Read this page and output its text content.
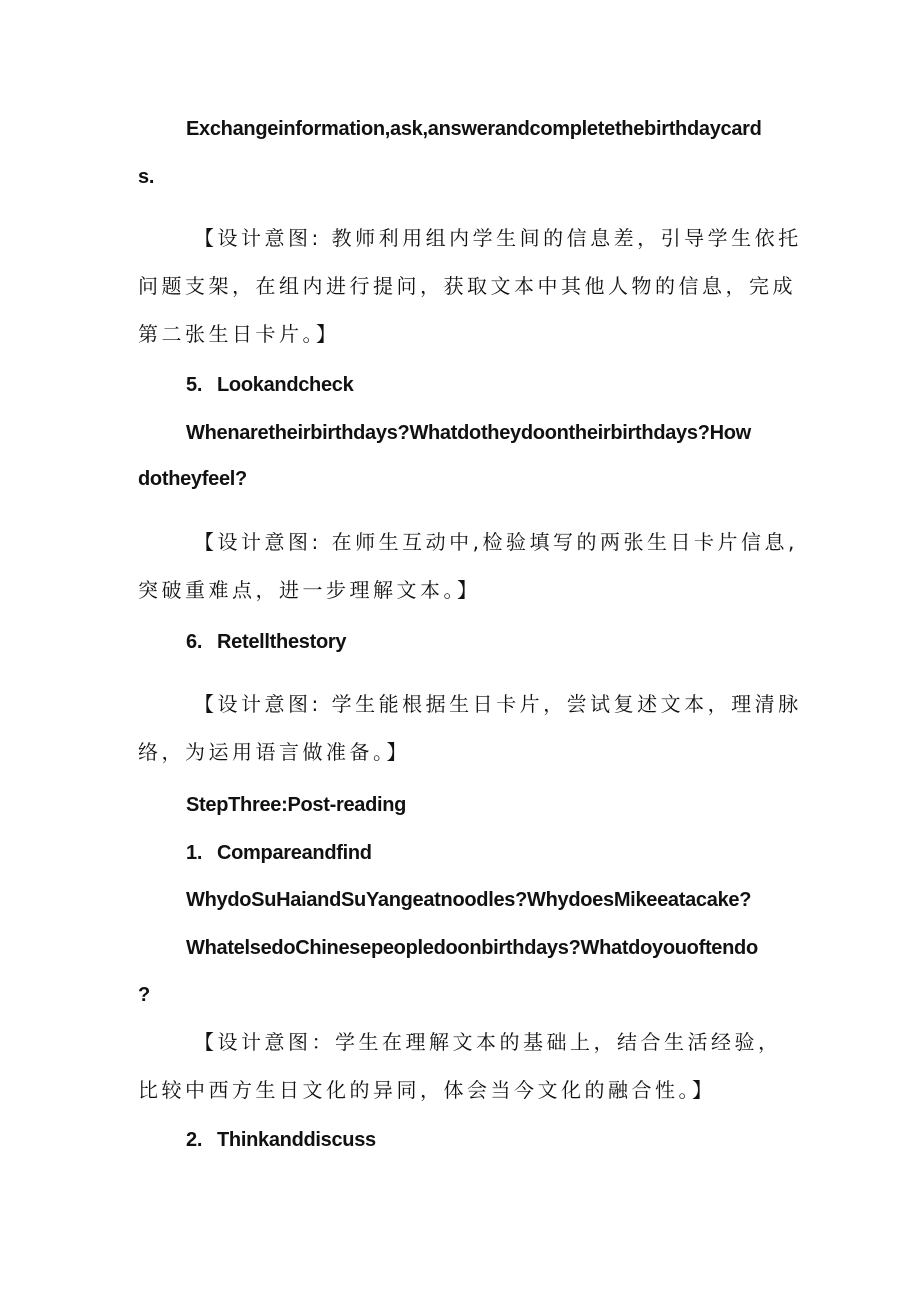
Exchangeinformation,ask,answerandcompletethebirthdaycard
s.
【设计意图: 教师利用组内学生间的信息差，引导学生依托
问题支架，在组内进行提问，获取文本中其他人物的信息，完成
第二张生日卡片。】
5. Lookandcheck
Whenaretheirbirthdays?Whatdotheydoontheirbirthdays?How
dotheyfeel?
【设计意图: 在师生互动中,检验填写的两张生日卡片信息,
突破重难点，进一步理解文本。】
6. Retellthestory
【设计意图: 学生能根据生日卡片，尝试复述文本，理清脉
络，为运用语言做准备。】
StepThree:Post-reading
1. Compareandfind
WhydoSuHaiandSuYangeatnoodles?WhydoesMikeeatacake?
WhatelsedoChinesepeopledoonbirthdays?Whatdoyouoftendo
?
【设计意图：学生在理解文本的基础上，结合生活经验，
比较中西方生日文化的异同，体会当今文化的融合性。】
2. Thinkanddiscuss
